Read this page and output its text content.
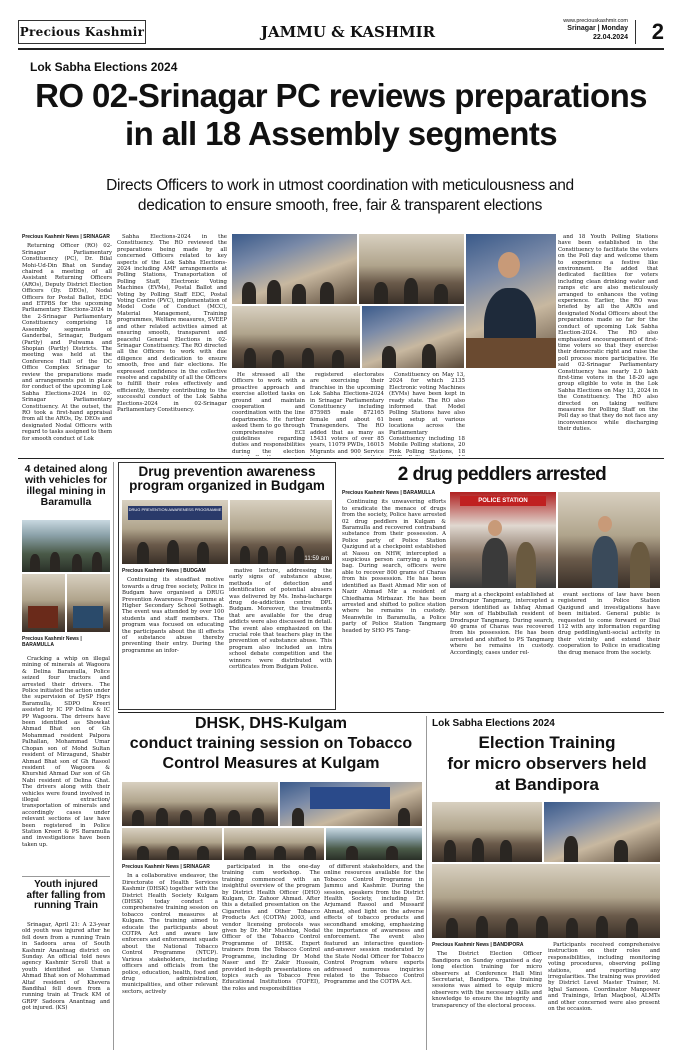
Precious Kashmir	JAMMU & KASHMIR
www.preciouskashmir.com
Srinagar | Monday
22.04.2024	2
Lok Sabha Elections 2024
RO 02-Srinagar PC reviews preparations
in all 18 Assembly segments
Directs Officers to work in utmost coordination with meticulousness and
dedication to ensure smooth, free, fair & transparent elections
Precious Kashmir News | SRINAGAR

Returning Officer (RO) 02-Srinagar Parliamentary Constituency (PC), Dr. Bilal Mohi-Ud-Din Bhat on Sunday chaired a meeting of all Assistant Returning Officers (AROs), Deputy District Election Officers (Dy. DEOs), Nodal Officers for Postal Ballot, EDC and ETPBS for the upcoming Parliamentary Elections-2024 in the 2-Srinagar Parliamentary Constituency comprising 18 Assembly segments of Ganderbal, Srinagar, Budgam (Partly) and Pulwama and Shopian (Partly) Districts. The meeting was held at the Conference Hall of the DC Office Complex Srinagar to review the preparations made and arrangements put in place for conduct of the upcoming Lok Sabha Elections-2024 in 02-Srinagar Parliamentary Constituency. At the outset, the RO took a first-hand appraisal from all the AROs, Dy. DEOs and designated Nodal Officers with regard to tasks assigned to them for smooth conduct of Lok

Sabha Elections-2024 in the Constituency. The RO reviewed the preparations being made by all concerned Officers related to key aspects of the Lok Sabha Elections-2024 including AMF arrangements at Polling Stations, Transportation of Polling Staff, Electronic Voting Machines (EVMs), Postal Ballot and Voting by Polling Staff EDC, Postal Voting Centre (PVC), implementation of Model Code of Conduct (MCC), Material Management, Training programmes, Welfare measures, SVEEP and other related activities aimed at ensuring smooth, transparent and peaceful General Elections in 02-Srinagar Constituency. The RO directed all the Officers to work with due diligence and dedication to ensure smooth, free and fair elections. He expressed confidence in the collective resolve and capability of all the Officers to fulfill their roles effectively and efficiently, thereby contributing to the successful conduct of the Lok Sabha Elections-2024 in 02-Srinagar Parliamentary Constituency.

He stressed all the Officers to work with a proactive approach and exercise allotted tasks on ground and maintain cooperation and coordination with the line departments. He further asked them to go through comprehensive ECI guidelines regarding duties and responsibilities during the election

registered electorates are exercising their franchise in the upcoming Lok Sabha Elections-2024 in Srinagar Parliamentary Constituency including 875985 male 872165 female and about 61 Transgenders. The RO added that as many as 15431 voters of over 85 years, 11079 PWDs, 16015 Migrants and 900 Service

Constituency on May 13, 2024 for which 2135 Electronic voting Machines (EVMs) have been kept in ready state. The RO also informed that Model Polling Stations have also been setup at various locations across the Parliamentary Constituency including 18 Mobile Polling stations, 20 Pink Polling Stations, 18

and 18 Youth Polling Stations have been established in the Constituency to facilitate the voters on the Poll day and welcome them to experience a festive like environment. He added that dedicated facilities for voters including clean drinking water and ramps etc are also meticulously arranged to enhances the voting experience. Earlier, the RO was briefed by all the AROs and designated Nodal Officers about the preparations made so far for the conduct of upcoming Lok Sabha Election-2024. The RO also emphasized encouragement of first-time voters so that they exercise their democratic right and raise the poll process more participative. He said 02-Srinagar Parliamentary Constituency has nearly 2.0 lakh first-time voters in the 18-20 age group eligible to vote in the Lok Sabha Elections on May 13, 2024 in the Constituency. The RO also directed on taking welfare measures for Polling Staff on the Poll day so that they do not face any inconvenience while discharging their duties.

4 detained along with vehicles for illegal mining in Baramulla
Precious Kashmir News |
BARAMULLA

Cracking a whip on illegal mining of minerals at Wagoora & Delina Baramulla, Police seized four tractors and arrested their drivers. The Police initiated the action under the supervision of DySP Hqrs Baramulla, SDPO Kreeri assisted by IC PP Delina & IC PP Wagoora. The drivers have been identified as Showkat Ahmad Bhat son of Gh Mohammad resident Palpora Palhallan, Mohammad Umar Chopan son of Mohd Sultan resident of Mirzagund, Shabir Ahmad Bhat son of Gh Rasool resident of Wagoora & Khurshid Ahmad Dar son of Gh Nabi resident of Delina Ghat. The drivers along with their vehicles were found involved in illegal extraction/ transportation of minerals and accordingly cases under relevant sections of law have been registered in Police Station Kreeri & PS Baramulla and investigations have been taken up.

Youth injured after falling from running Train

Srinagar, April 21: A 23-year old youth was injured after he fell down from a running Train in Sadoora area of South Kashmir Anantnag district on Sunday. An official told news agency Kashmir Scroll that a youth identified as Usman Ahmad Bhat son of Mohammad Altaf resident of Khevera Bandihal fell down from a running train at Track KM of GRPF Sadoora Anantnag and got injured. (KS)

Drug prevention awareness program organized in Budgam
DRUG PREVENTION AWARENESS PROGRAMME
11:59 am
Precious Kashmir News | BUDGAM

Continuing its steadfast motive towards a drug free society, Police in Budgam have organised a DRUG Prevention Awareness Programme at Higher Secondary School Sothagh. The event was attended by over 100 students and staff members. The program was focused on educating the participants about the ill effects of substance abuse thereby preventing their entry. During the programme an infor-

mative lecture, addressing the early signs of substance abuse, methods of detection and identification of potential abusers was delivered by Ms. Insha-lacharge drug de-addiction centre DPL Budgam. Moreover, the treatments that are available for the drug addicts were also discussed in detail. The event also emphasized on the crucial role that teachers play in the prevention of substance abuse. This program also included an intra school debate competition and the winners were distributed with certificates from Budgam Police.

2 drug peddlers arrested
Precious Kashmir News | BARAMULLA

Continuing its unwavering efforts to eradicate the menace of drugs from the society, Police have arrested 02 drug peddlers in Kulgam & Baramulla and recovered contraband substance from their possession. A Police party of Police Station Qazigund at a checkpoint established at Nassu on NHW, intercepted a suspicious person carrying a nylon bag. During search, officers were able to recover 800 grams of Charas from his possession. He has been identified as Basit Ahmad Mir son of Nazir Ahmad Mir a resident of Chiedhama Mirbazar. He has been arrested and shifted to police station where he remains in custody. Meanwhile in Baramulla, a Police party of Police Station Tangmarg headed by SHO PS Tang-

POLICE STATION

marg at a checkpoint established at Drodrapur Tangmarg, intercepted a person identified as Ishfaq Ahmad Mir son of Habibullah resident of Drodrapur Tangmarg. During search, 40 grams of Charas was recovered from his possession. He has been arrested and shifted to PS Tangmarg where he remains in custody. Accordingly, cases under rel-

evant sections of law have been registered in Police Station Qazigund and investigations have been initiated. General public is requested to come forward or Dial 112 with any information regarding drug peddling/anti-social activity in their vicinity and extend their cooperation to Police in eradicating the drug menace from the society.

DHSK, DHS-Kulgam
conduct training session on Tobacco
Control Measures at Kulgam
Precious Kashmir News | SRINAGAR

In a collaborative endeavor, the Directorate of Health Services Kashmir (DHSK) together with the District Health Society Kulgam (DHSK) today conduct a comprehensive training session on tobacco control measures at Kulgam. The training aimed to educate the participants about COTPA Act and aware law enforcers and enforcement squads about the National Tobacco Control Programme (NTCP). Various stakeholders, including officers and officials from the police, education, health, food and drug administration, municipalities, and other relevant sectors, actively

participated in the one-day training cum workshop. The training commenced with an insightful overview of the program by District Health Officer (DHO) Kulgam, Dr. Zahoor Ahmad. After this a detailed presentation on the Cigarettes and Other Tobacco Products Act (COTPA) 2003, and vendor licensing protocols was given by Dr. Mir Mushtaq, Nodal Officer of the Tobacco Control Programme of DHSK. Expert trainers from the Tobacco Control Programme, including Dr Mohd Naser and Er Zakir Hussain, provided in-depth presentations on topics such as Tobacco Free Educational Institutions (TOFEI), the roles and responsibilities

of different stakeholders, and the online resources available for the Tobacco Control Programme in Jammu and Kashmir. During the session, speakers from the District Health Society, including Dr. Arjumand Rasool and Mussarif Ahmad, shed light on the adverse effects of tobacco products and secondhand smoking, emphasizing the importance of awareness and enforcement. The event also featured an interactive question-and-answer session moderated by the State Nodal Officer for Tobacco Control Program where experts addressed numerous inquiries related to the Tobacco Control Programme and the COTPA Act.

Lok Sabha Elections 2024
Election Training
for micro observers held
at Bandipora
Precious Kashmir News | BANDIPORA

The District Election Officer Bandipora on Sunday organised a day long election training for micro observers at Conference Hall Mini Secretariat, Bandipora. The training sessions was aimed to equip micro observers with the necessary skills and knowledge to ensure the integrity and transparency of the electoral process.

Participants received comprehensive instruction on their roles and responsibilities, including monitoring voting procedures, observing polling stations, and reporting any irregularities. The training was provided by District Level Master Trainer, M. Iqbal Samoon. Coordinator Manpower and Trainings, Irfan Maqbool, ALMTs and other concerned were also present on the occasion.
